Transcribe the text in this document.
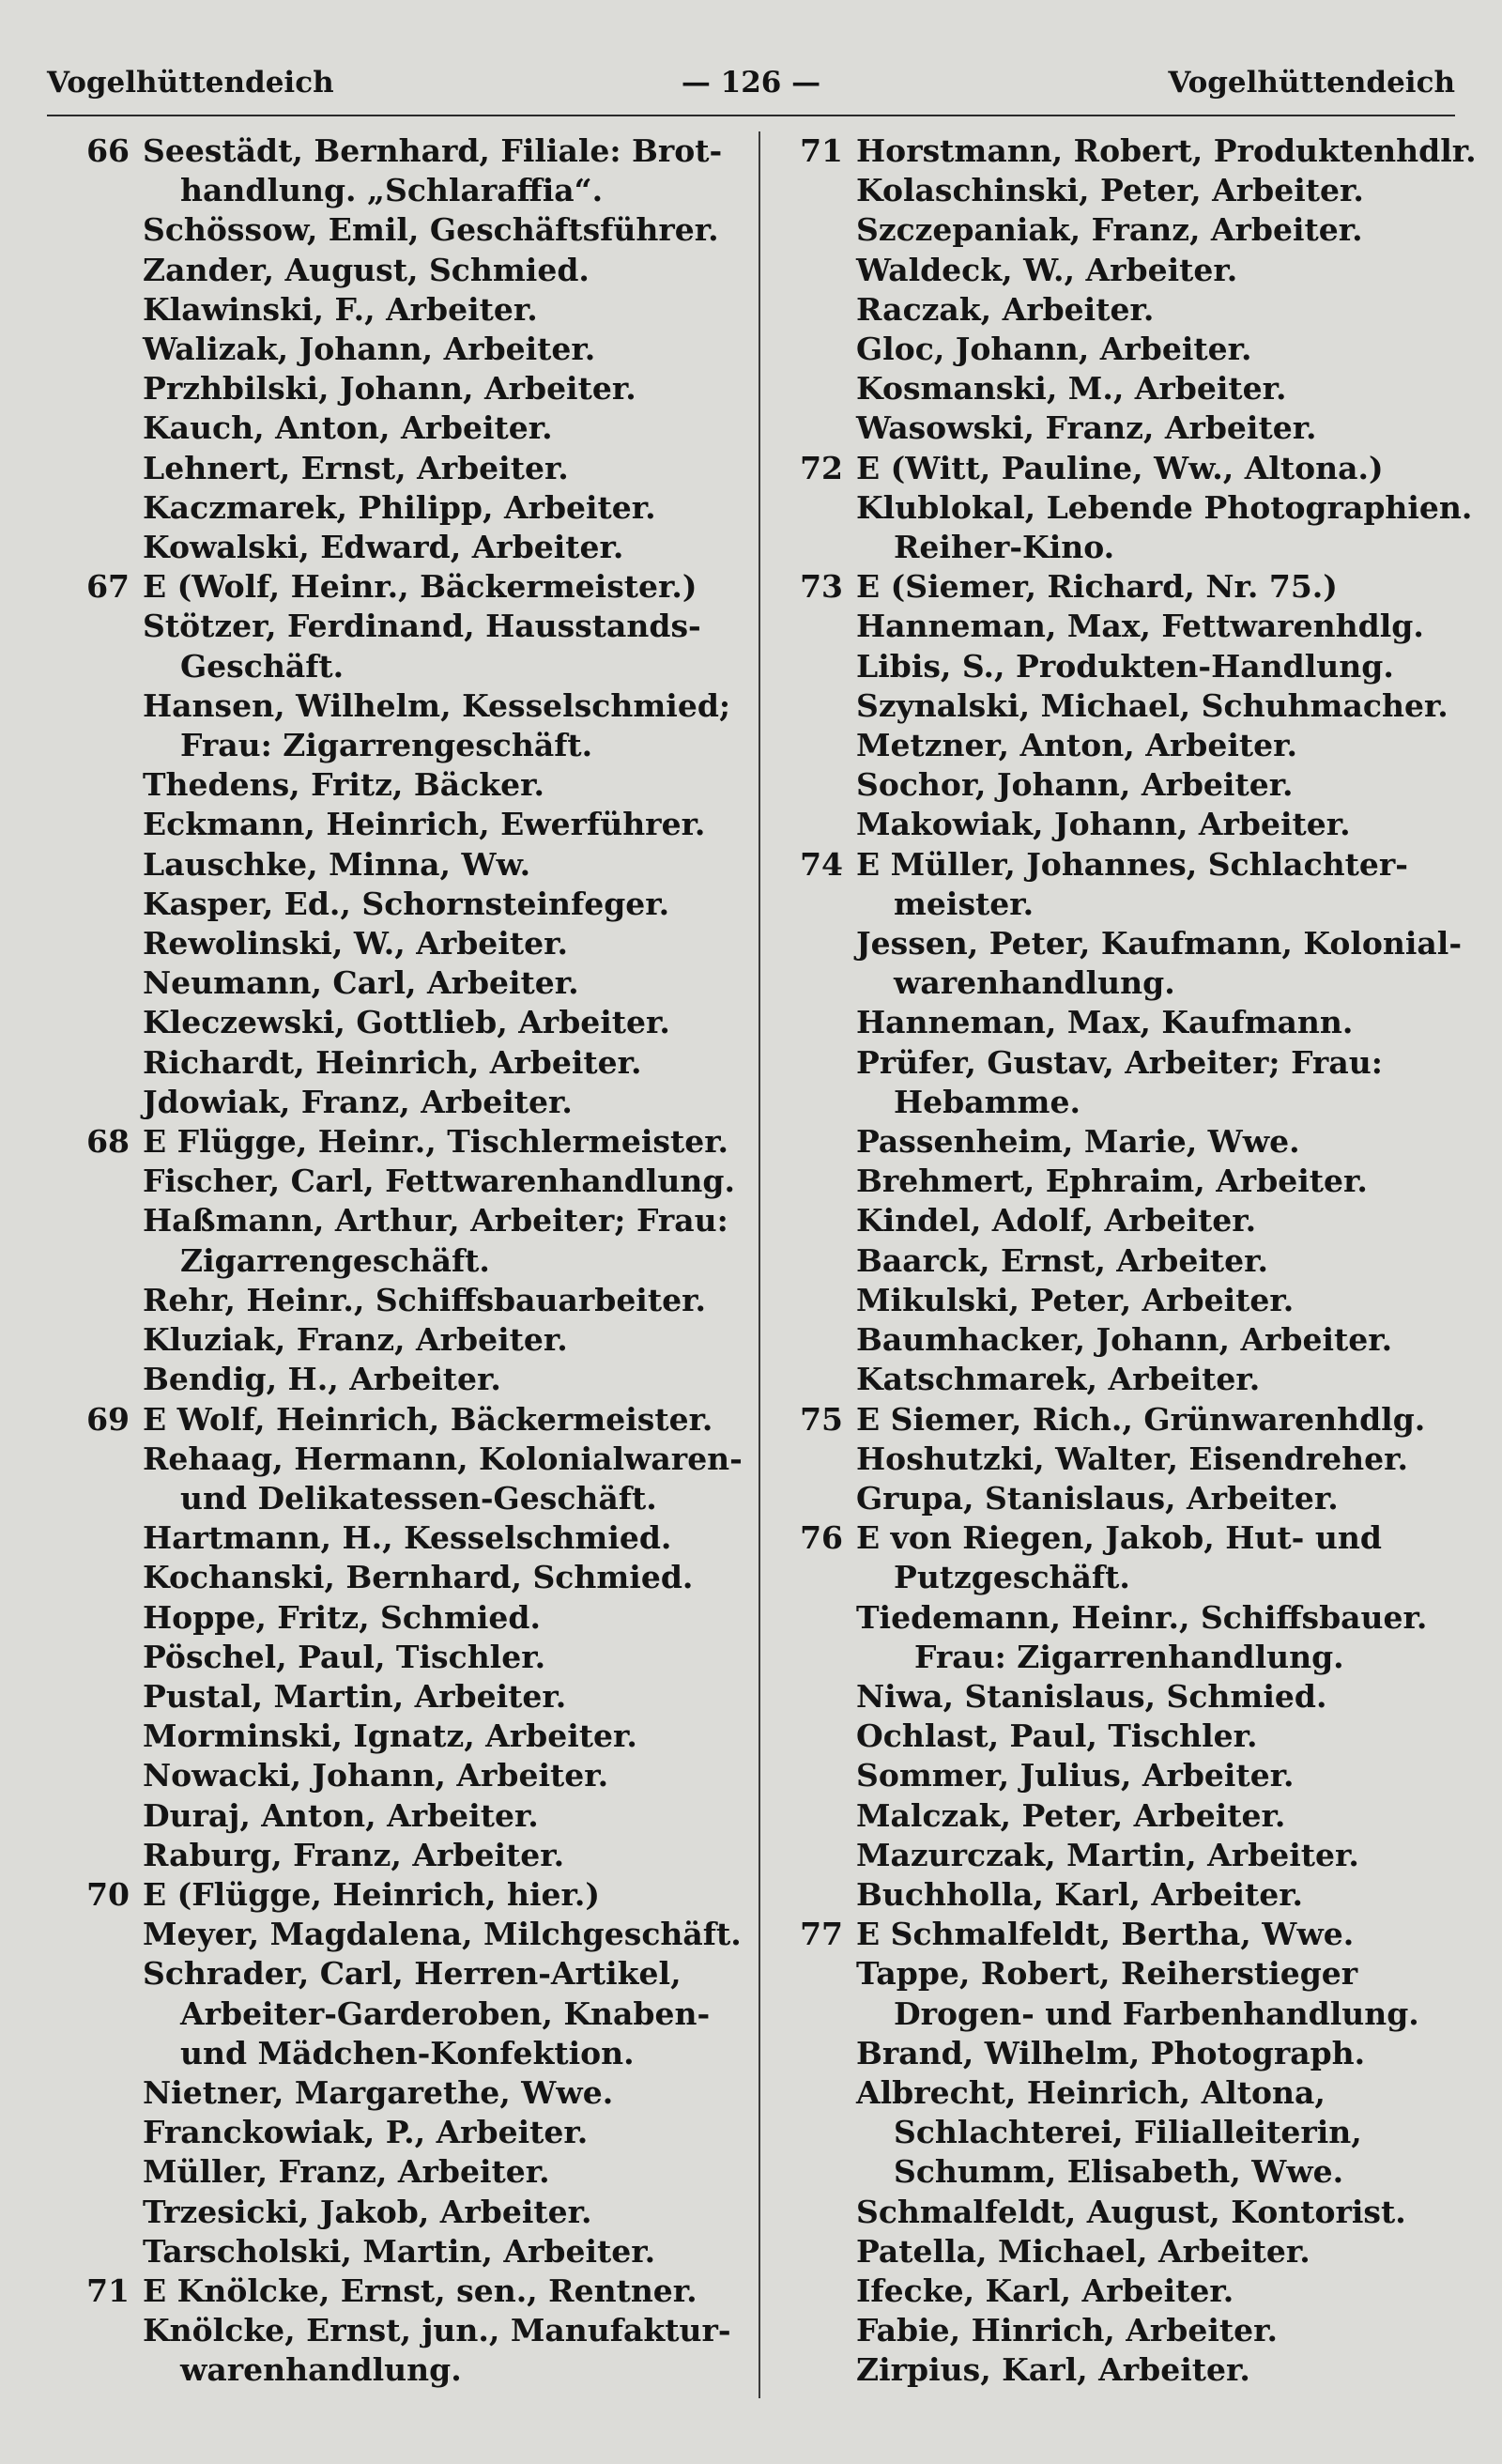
Vogelhüttendeich	— 126 —	Vogelhüttendeich
66 Seestädt, Bernhard, Filiale: Brot-
handlung. „Schlaraffia“.
Schössow, Emil, Geschäftsführer.
Zander, August, Schmied.
Klawinski, F., Arbeiter.
Walizak, Johann, Arbeiter.
Przhbilski, Johann, Arbeiter.
Kauch, Anton, Arbeiter.
Lehnert, Ernst, Arbeiter.
Kaczmarek, Philipp, Arbeiter.
Kowalski, Edward, Arbeiter.
67 E (Wolf, Heinr., Bäckermeister.)
Stötzer, Ferdinand, Hausstands-
Geschäft.
Hansen, Wilhelm, Kesselschmied;
Frau: Zigarrengeschäft.
Thedens, Fritz, Bäcker.
Eckmann, Heinrich, Ewerführer.
Lauschke, Minna, Ww.
Kasper, Ed., Schornsteinfeger.
Rewolinski, W., Arbeiter.
Neumann, Carl, Arbeiter.
Kleczewski, Gottlieb, Arbeiter.
Richardt, Heinrich, Arbeiter.
Jdowiak, Franz, Arbeiter.
68 E Flügge, Heinr., Tischlermeister.
Fischer, Carl, Fettwarenhandlung.
Haßmann, Arthur, Arbeiter; Frau:
Zigarrengeschäft.
Rehr, Heinr., Schiffsbauarbeiter.
Kluziak, Franz, Arbeiter.
Bendig, H., Arbeiter.
69 E Wolf, Heinrich, Bäckermeister.
Rehaag, Hermann, Kolonialwaren-
und Delikatessen-Geschäft.
Hartmann, H., Kesselschmied.
Kochanski, Bernhard, Schmied.
Hoppe, Fritz, Schmied.
Pöschel, Paul, Tischler.
Pustal, Martin, Arbeiter.
Morminski, Ignatz, Arbeiter.
Nowacki, Johann, Arbeiter.
Duraj, Anton, Arbeiter.
Raburg, Franz, Arbeiter.
70 E (Flügge, Heinrich, hier.)
Meyer, Magdalena, Milchgeschäft.
Schrader, Carl, Herren-Artikel,
Arbeiter-Garderoben, Knaben-
und Mädchen-Konfektion.
Nietner, Margarethe, Wwe.
Franckowiak, P., Arbeiter.
Müller, Franz, Arbeiter.
Trzesicki, Jakob, Arbeiter.
Tarscholski, Martin, Arbeiter.
71 E Knölcke, Ernst, sen., Rentner.
Knölcke, Ernst, jun., Manufaktur-
warenhandlung.
71 Horstmann, Robert, Produktenhdlr.
Kolaschinski, Peter, Arbeiter.
Szczepaniak, Franz, Arbeiter.
Waldeck, W., Arbeiter.
Raczak, Arbeiter.
Gloc, Johann, Arbeiter.
Kosmanski, M., Arbeiter.
Wasowski, Franz, Arbeiter.
72 E (Witt, Pauline, Ww., Altona.)
Klublokal, Lebende Photographien.
Reiher-Kino.
73 E (Siemer, Richard, Nr. 75.)
Hanneman, Max, Fettwarenhdlg.
Libis, S., Produkten-Handlung.
Szynalski, Michael, Schuhmacher.
Metzner, Anton, Arbeiter.
Sochor, Johann, Arbeiter.
Makowiak, Johann, Arbeiter.
74 E Müller, Johannes, Schlachter-
meister.
Jessen, Peter, Kaufmann, Kolonial-
warenhandlung.
Hanneman, Max, Kaufmann.
Prüfer, Gustav, Arbeiter; Frau:
Hebamme.
Passenheim, Marie, Wwe.
Brehmert, Ephraim, Arbeiter.
Kindel, Adolf, Arbeiter.
Baarck, Ernst, Arbeiter.
Mikulski, Peter, Arbeiter.
Baumhacker, Johann, Arbeiter.
Katschmarek, Arbeiter.
75 E Siemer, Rich., Grünwarenhdlg.
Hoshutzki, Walter, Eisendreher.
Grupa, Stanislaus, Arbeiter.
76 E von Riegen, Jakob, Hut- und
Putzgeschäft.
Tiedemann, Heinr., Schiffsbauer.
Frau: Zigarrenhandlung.
Niwa, Stanislaus, Schmied.
Ochlast, Paul, Tischler.
Sommer, Julius, Arbeiter.
Malczak, Peter, Arbeiter.
Mazurczak, Martin, Arbeiter.
Buchholla, Karl, Arbeiter.
77 E Schmalfeldt, Bertha, Wwe.
Tappe, Robert, Reiherstieger
Drogen- und Farbenhandlung.
Brand, Wilhelm, Photograph.
Albrecht, Heinrich, Altona,
Schlachterei, Filialleiterin,
Schumm, Elisabeth, Wwe.
Schmalfeldt, August, Kontorist.
Patella, Michael, Arbeiter.
Ifecke, Karl, Arbeiter.
Fabie, Hinrich, Arbeiter.
Zirpius, Karl, Arbeiter.
